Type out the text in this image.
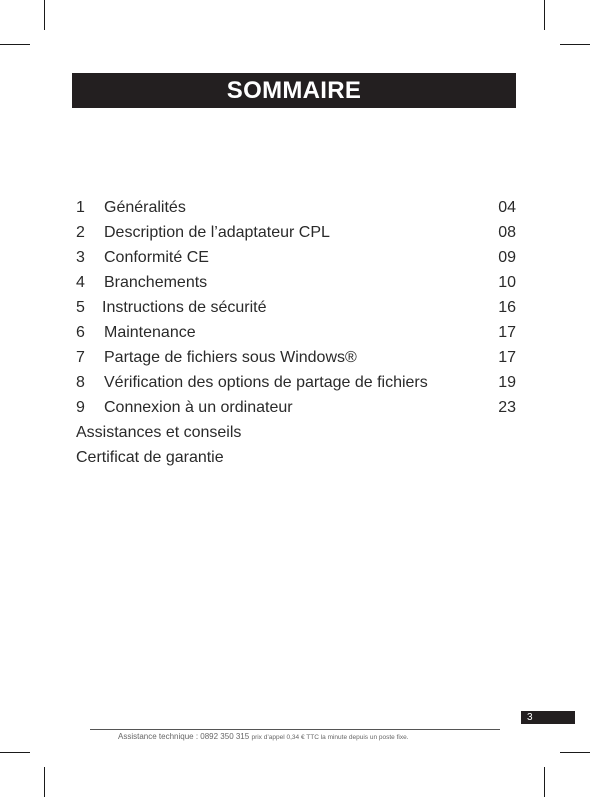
SOMMAIRE
1	Généralités	04
2	Description de l’adaptateur CPL	08
3	Conformité CE	09
4	Branchements	10
5	Instructions de sécurité	16
6	Maintenance	17
7	Partage de fichiers sous Windows®	17
8	Vérification des options de partage de fichiers	19
9	Connexion à un ordinateur	23
Assistances et conseils
Certificat de garantie
3
Assistance technique : 0892 350 315 prix d’appel 0,34 € TTC la minute depuis un poste fixe.
